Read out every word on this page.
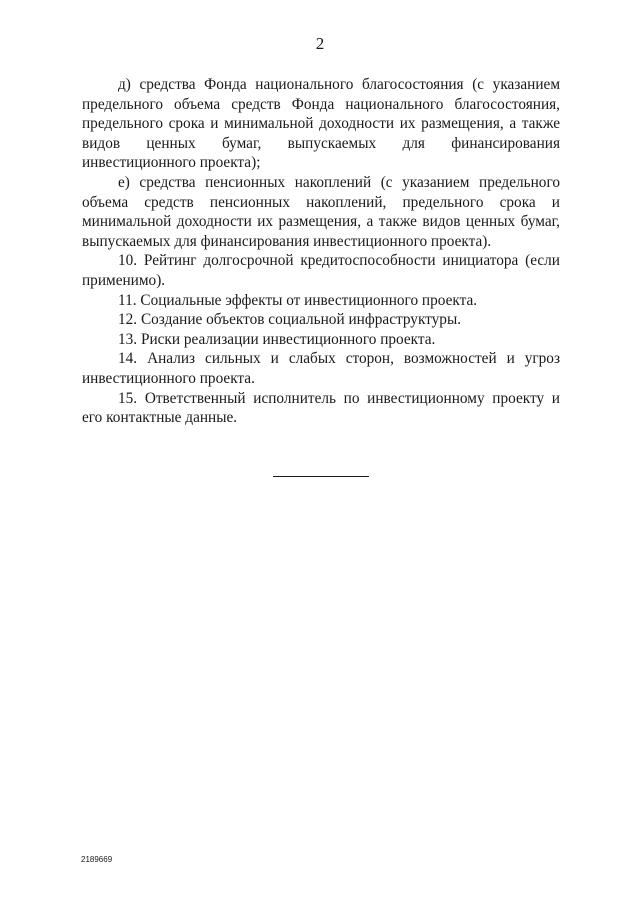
2

д) средства Фонда национального благосостояния (с указанием предельного объема средств Фонда национального благосостояния, предельного срока и минимальной доходности их размещения, а также видов ценных бумаг, выпускаемых для финансирования инвестиционного проекта);

е) средства пенсионных накоплений (с указанием предельного объема средств пенсионных накоплений, предельного срока и минимальной доходности их размещения, а также видов ценных бумаг, выпускаемых для финансирования инвестиционного проекта).

10. Рейтинг долгосрочной кредитоспособности инициатора (если применимо).

11. Социальные эффекты от инвестиционного проекта.

12. Создание объектов социальной инфраструктуры.

13. Риски реализации инвестиционного проекта.

14. Анализ сильных и слабых сторон, возможностей и угроз инвестиционного проекта.

15. Ответственный исполнитель по инвестиционному проекту и его контактные данные.

2189669
